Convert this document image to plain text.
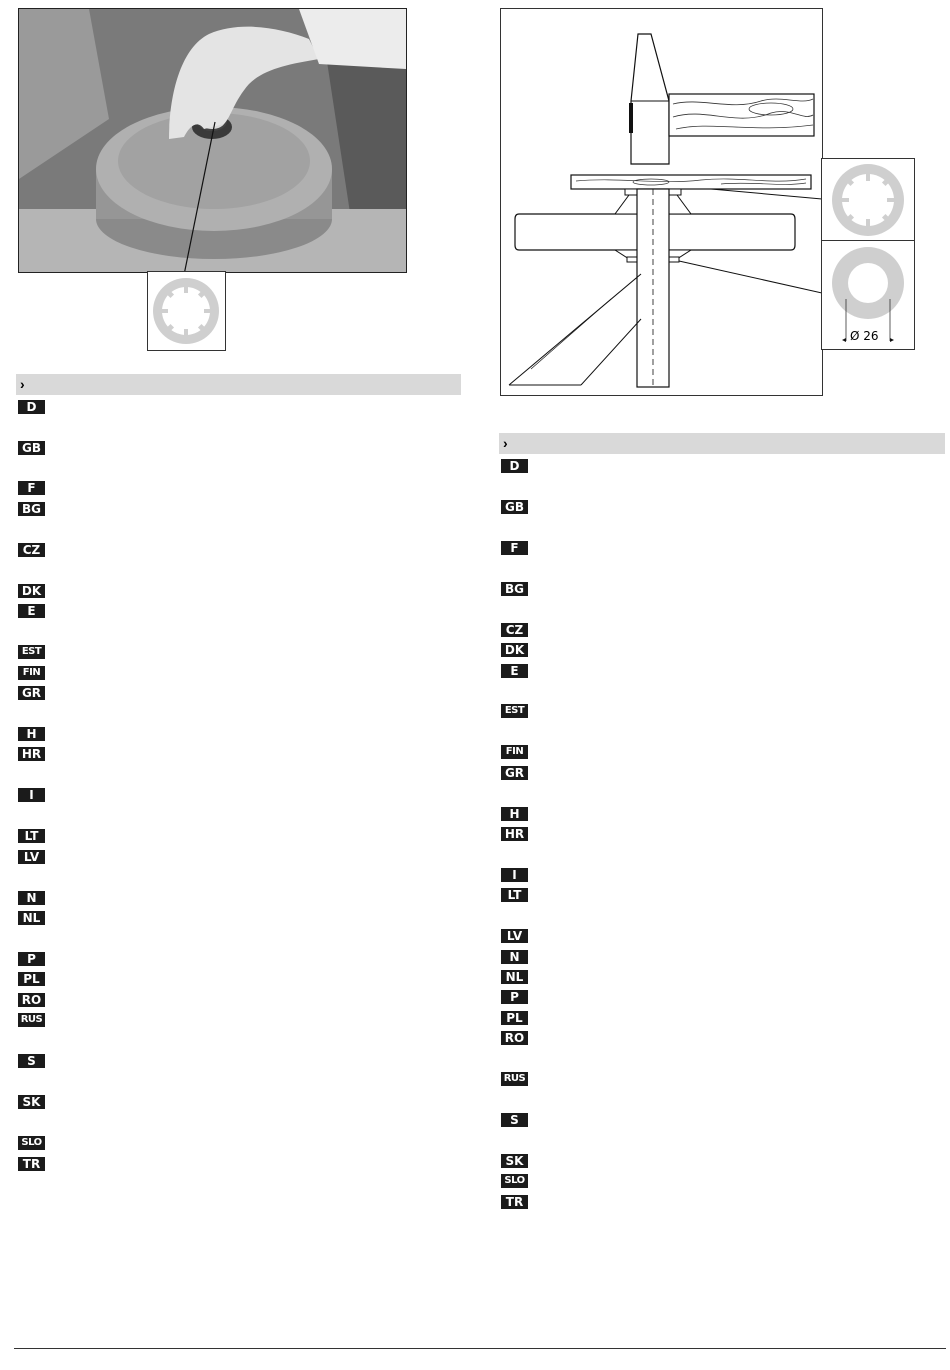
›
D
GB
F
BG
CZ
DK
E
EST
FIN
GR
H
HR
I
LT
LV
N
NL
P
PL
RO
RUS
S
SK
SLO
TR
Ø 26
›
D
GB
F
BG
CZ
DK
E
EST
FIN
GR
H
HR
I
LT
LV
N
NL
P
PL
RO
RUS
S
SK
SLO
TR
